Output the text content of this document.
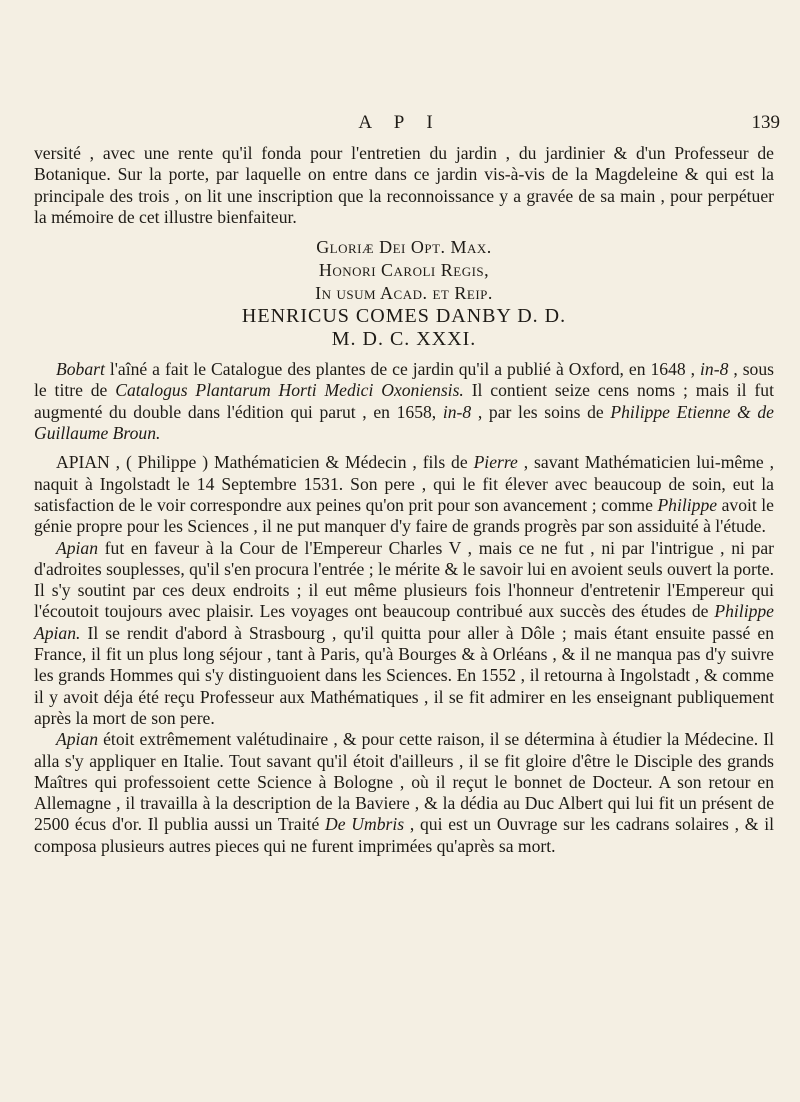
A P I	139

versité , avec une rente qu'il fonda pour l'entretien du jardin , du jardinier & d'un Professeur de Botanique. Sur la porte, par laquelle on entre dans ce jardin vis-à-vis de la Magdeleine & qui est la principale des trois , on lit une inscription que la reconnoissance y a gravée de sa main , pour perpétuer la mémoire de cet illustre bienfaiteur.

Gloriæ Dei Opt. Max.
Honori Caroli Regis,
In usum Acad. et Reip.
HENRICUS COMES DANBY D. D.
M. D. C. XXXI.

Bobart l'aîné a fait le Catalogue des plantes de ce jardin qu'il a publié à Oxford, en 1648 , in-8 , sous le titre de Catalogus Plantarum Horti Medici Oxoniensis. Il contient seize cens noms ; mais il fut augmenté du double dans l'édition qui parut , en 1658, in-8 , par les soins de Philippe Etienne & de Guillaume Broun.

APIAN , ( Philippe ) Mathématicien & Médecin , fils de Pierre , savant Mathématicien lui-même , naquit à Ingolstadt le 14 Septembre 1531. Son pere , qui le fit élever avec beaucoup de soin, eut la satisfaction de le voir correspondre aux peines qu'on prit pour son avancement ; comme Philippe avoit le génie propre pour les Sciences , il ne put manquer d'y faire de grands progrès par son assiduité à l'étude.

Apian fut en faveur à la Cour de l'Empereur Charles V , mais ce ne fut , ni par l'intrigue , ni par d'adroites souplesses, qu'il s'en procura l'entrée ; le mérite & le savoir lui en avoient seuls ouvert la porte. Il s'y soutint par ces deux endroits ; il eut même plusieurs fois l'honneur d'entretenir l'Empereur qui l'écoutoit toujours avec plaisir. Les voyages ont beaucoup contribué aux succès des études de Philippe Apian. Il se rendit d'abord à Strasbourg , qu'il quitta pour aller à Dôle ; mais étant ensuite passé en France, il fit un plus long séjour , tant à Paris, qu'à Bourges & à Orléans , & il ne manqua pas d'y suivre les grands Hommes qui s'y distinguoient dans les Sciences. En 1552 , il retourna à Ingolstadt , & comme il y avoit déja été reçu Professeur aux Mathématiques , il se fit admirer en les enseignant publiquement après la mort de son pere.

Apian étoit extrêmement valétudinaire , & pour cette raison, il se détermina à étudier la Médecine. Il alla s'y appliquer en Italie. Tout savant qu'il étoit d'ailleurs , il se fit gloire d'être le Disciple des grands Maîtres qui professoient cette Science à Bologne , où il reçut le bonnet de Docteur. A son retour en Allemagne , il travailla à la description de la Baviere , & la dédia au Duc Albert qui lui fit un présent de 2500 écus d'or. Il publia aussi un Traité De Umbris , qui est un Ouvrage sur les cadrans solaires , & il composa plusieurs autres pieces qui ne furent imprimées qu'après sa mort.
